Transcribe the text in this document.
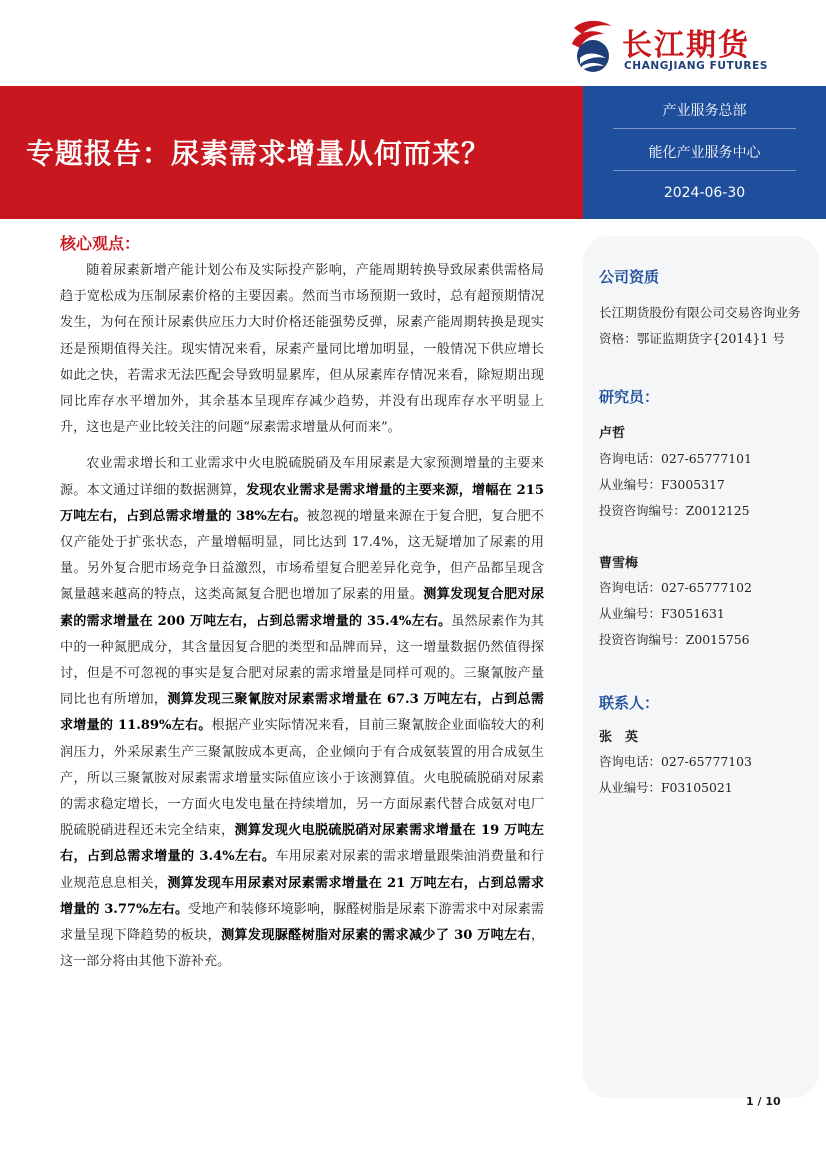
长江期货
CHANGJIANG FUTURES
专题报告：尿素需求增量从何而来？
产业服务总部
能化产业服务中心
2024-06-30
核心观点：

随着尿素新增产能计划公布及实际投产影响，产能周期转换导致尿素供需格局趋于宽松成为压制尿素价格的主要因素。然而当市场预期一致时，总有超预期情况发生，为何在预计尿素供应压力大时价格还能强势反弹，尿素产能周期转换是现实还是预期值得关注。现实情况来看，尿素产量同比增加明显，一般情况下供应增长如此之快，若需求无法匹配会导致明显累库，但从尿素库存情况来看，除短期出现同比库存水平增加外，其余基本呈现库存减少趋势，并没有出现库存水平明显上升，这也是产业比较关注的问题“尿素需求增量从何而来”。

农业需求增长和工业需求中火电脱硫脱硝及车用尿素是大家预测增量的主要来源。本文通过详细的数据测算，发现农业需求是需求增量的主要来源，增幅在 215 万吨左右，占到总需求增量的 38%左右。被忽视的增量来源在于复合肥，复合肥不仅产能处于扩张状态，产量增幅明显，同比达到 17.4%，这无疑增加了尿素的用量。另外复合肥市场竞争日益激烈，市场希望复合肥差异化竞争，但产品都呈现含氮量越来越高的特点，这类高氮复合肥也增加了尿素的用量。测算发现复合肥对尿素的需求增量在 200 万吨左右，占到总需求增量的 35.4%左右。虽然尿素作为其中的一种氮肥成分，其含量因复合肥的类型和品牌而异，这一增量数据仍然值得探讨，但是不可忽视的事实是复合肥对尿素的需求增量是同样可观的。三聚氰胺产量同比也有所增加，测算发现三聚氰胺对尿素需求增量在 67.3 万吨左右，占到总需求增量的 11.89%左右。根据产业实际情况来看，目前三聚氰胺企业面临较大的利润压力，外采尿素生产三聚氰胺成本更高，企业倾向于有合成氨装置的用合成氨生产，所以三聚氰胺对尿素需求增量实际值应该小于该测算值。火电脱硫脱硝对尿素的需求稳定增长，一方面火电发电量在持续增加，另一方面尿素代替合成氨对电厂脱硫脱硝进程还未完全结束，测算发现火电脱硫脱硝对尿素需求增量在 19 万吨左右，占到总需求增量的 3.4%左右。车用尿素对尿素的需求增量跟柴油消费量和行业规范息息相关，测算发现车用尿素对尿素需求增量在 21 万吨左右，占到总需求增量的 3.77%左右。受地产和装修环境影响，脲醛树脂是尿素下游需求中对尿素需求量呈现下降趋势的板块，测算发现脲醛树脂对尿素的需求减少了 30 万吨左右，这一部分将由其他下游补充。

公司资质
长江期货股份有限公司交易咨询业务资格：鄂证监期货字{2014}1 号
研究员：
卢哲
咨询电话：027-65777101
从业编号：F3005317
投资咨询编号：Z0012125
曹雪梅
咨询电话：027-65777102
从业编号：F3051631
投资咨询编号：Z0015756
联系人：
张　英
咨询电话：027-65777103
从业编号：F03105021
1 / 10
